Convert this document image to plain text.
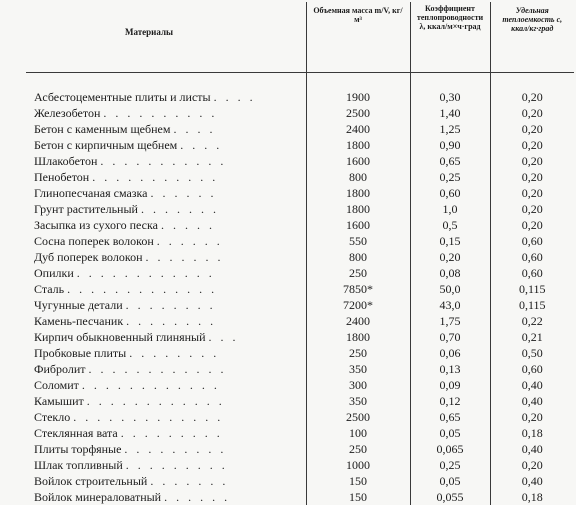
Материалы	Объемная масса m/V, кг/м³	Коэффициент теплопроводности λ, ккал/м×ч·град	Удельная теплоемкость c, ккал/кг·град

Асбестоцементные плиты и листы . . . .	1900	0,30	0,20
Железобетон . . . . . . . . . .	2500	1,40	0,20
Бетон с каменным щебнем . . . .	2400	1,25	0,20
Бетон с кирпичным щебнем . . . .	1800	0,90	0,20
Шлакобетон . . . . . . . . . . .	1600	0,65	0,20
Пенобетон . . . . . . . . . . .	800	0,25	0,20
Глинопесчаная смазка . . . . . .	1800	0,60	0,20
Грунт растительный . . . . . . .	1800	1,0	0,20
Засыпка из сухого песка . . . . .	1600	0,5	0,20
Сосна поперек волокон . . . . . .	550	0,15	0,60
Дуб поперек волокон . . . . . . .	800	0,20	0,60
Опилки . . . . . . . . . . . .	250	0,08	0,60
Сталь . . . . . . . . . . . . .	7850*	50,0	0,115
Чугунные детали . . . . . . . .	7200*	43,0	0,115
Камень-песчаник . . . . . . . .	2400	1,75	0,22
Кирпич обыкновенный глиняный . . .	1800	0,70	0,21
Пробковые плиты . . . . . . . .	250	0,06	0,50
Фибролит . . . . . . . . . . . .	350	0,13	0,60
Соломит . . . . . . . . . . . .	300	0,09	0,40
Камышит . . . . . . . . . . . .	350	0,12	0,40
Стекло . . . . . . . . . . . . .	2500	0,65	0,20
Стеклянная вата . . . . . . . . .	100	0,05	0,18
Плиты торфяные . . . . . . . . .	250	0,065	0,40
Шлак топливный . . . . . . . . .	1000	0,25	0,20
Войлок строительный . . . . . . .	150	0,05	0,40
Войлок минераловатный . . . . . .	150	0,055	0,18
